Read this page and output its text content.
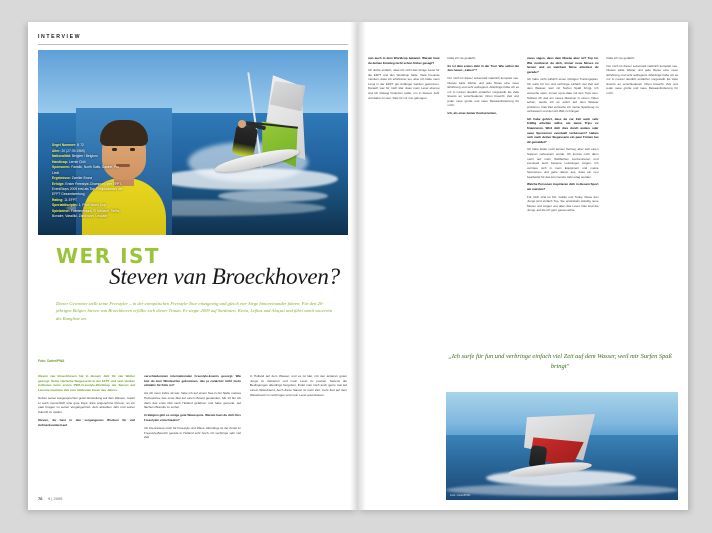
INTERVIEW
Segel Nummer: B 72
Alter: 20 (27.09.1989)
Nationalität: Belgien / Belgium
Handicap: Lernte Chili
Sponsoren: Fanatic, North Sails, Dakine, Pro Limit
Ergebnisse: Zweiter Bronz
Erfolge: Erster Freestyle-Champion, vier EFPT-EventStops 2009 erst als Top-Fünfplatzierter der EFPT Gesamtwertung
Rating: 11 EFPT
Spezialdisziplin: 1. PWA World Cup
Spielwiese: Fuerteventura, El Medano, Tarifa, Bonaire, Vassiliki, Zandvoort, Leucate
WER IST
Steven van Broeckhoven?
Dieser Gewinner stellt seine Freestyler – in der europäischen Freestyle-Tour einzigartig und gleich vier Siege hintereinander fuhren. Für den 20-jährigen Belgier Steven van Broeckhoven erfüllte sich dieser Traum. Er siegte 2009 auf Sardinien, Kreta, Lefkas und Alaçati und führt somit souverän die Rangliste an.
Foto: Carter/PWA

Steven van Broeckhoven hat in diesem Jahr für vier Wetter gesorgt. Seine vierfache Siegesserie in der EFPT und sein starkes Auftreten beim ersten PWA-Freestyle-Worldcup der Saison auf Leucate machten ihm zum heißesten Eisen des Jahres.

Neben seiner ausgesprochen guten Einstellung auf dem Wasser, macht er auch menschlich eine gute Figur. Eine angenehme Person, an ein paar Fragen zu seiner Vergangenheit, dem aktuellen Jahr und seiner Zukunft zu stellen.

Steven, du hast in den vergangenen Wochen für viel Aufmerksamkeit auf

verschiedensten internationalen Freestyle-Events gesorgt. Wie bist du zum Windsurfen gekommen, das ja zunächst nicht mehr attraktiv für Kids ist?

Als ich neun Jahre alt war, habe ich auf einem See in der Nähe meines Heimatortes das erste Mal auf einem Board gestanden. Mit 13 bin ich dann das erste Mal nach Holland gefahren und habe gemerkt, auf flachem Brandis zu surfen.

In Belgien gibt es einige gute Wavespots. Warum hast du dich fürs Freestylen entschieden?

Ich interessiere mich für Freestyle und Wave. Allerdings ist der Anteil im Freestyle-Bereich gerade in Holland sehr hoch, ich verbringe sehr viel Zeit

in Holland auf dem Wasser, und es ist klar, mit den anderen guten Jungs zu trainieren und mein Level zu pushen. Seitens die Bedingungen allerdings hergeben, findet man mich auch gerne mal auf einem Wavebaord, Auch diese Saison ist mein Ziel, mehr Zeit auf dem Waveboard zu verbringen und mein Level auszubauen.

76 9 | 2009

nun auch in dem Worldcup bekannt. Warum hast du deinen Einstieg nicht schon früher gesagt?

Ich durfte einfach, dass ich nicht das übrige Level für die EFPT und den Worldcup hatte. Viele Freunde meinten, dass ich erfahrener sei, aber ich hatte mein Level in der EFPT gut Anfänger werden gewonnen. Danach war für mich klar, dass mein Level ebenso und ich bislang Finanzen sollte, um in diesem Jahr voll dabei zu sein. Dies ist mir nun gelungen.

hätte ich nie gedacht.

Es ist dein erstes Jahr in der Tour. Wie selbst die den neuen „Laben“?

Für mich ist dieser Lebensstil natürlich komplett neu. Dieses kalte Wetter und jede Reise eine neue Erfahrung und sehr aufregend. Allerdings habe ich es mir in meiner deutlich einfacher vorgestellt. Es viele Events an verschiedenen Orten braucht. Zeit und jeder neue große und neue Reiseanforderung für mich.

Ich, als einer deiner Konkurrenten,

muss sagen, dass dein Niveau aber ist? Top ist. Wie motivierst du dich, immer neue Moves zu lernen und an welchem Move arbeitest du gerade?

Ich habe nicht wirklich einen richtigen Trainingsplan. Ich surfe für fun und verbringe einfach viel Zeit auf dem Wasser, weil mir Surfen Spaß bringt. Ich versuche stets, immer up-to-date mit den Tops sein. Solltest ich das ein neues Manöver in einem Video sehen, werde ich es sofort auf dem Wasser probieren. Das Ziel versuche ich meine Spielzeug zu verbessern und den AC-Bild zu bringen.

Ich habe gehört, dass du zur Zeit auch sehr kräftig arbeiten willst, um deine Trips zu finanzieren. Wird dich dies durch andere oder neue Sponsoren eventuell verbessern? Haben sich nach deiner Siegesserie ein paar Firmen bei dir gemeldet?

Ich habe leider noch keinen Vertrag, aber sich einen Support verbessern wurde. Ich konnte mich dann mehr auf mein Weltfachen konzentrieren und eventuell auch bessere Leistungen zeigen. Ich vertraue sich in mein Equipment und meine Sponsoren und gehe davon aus, dass ein neu bearbeitet für das kommende Jahr erlag werden.

Welche Personen inspirieren dich in diesem Sport am meisten?

Für mich sind es Kiri, Gollito und Tonky. Diese drei Jungs sind einfach Top. Sie entwickeln ständig neue Moves und zeigen uns allen das Level. Das sind die Jungs, auf die ich gern genau achte.

hätte ich nie gedacht.

Für mich ist dieser Lebensstil natürlich komplett neu. Dieses kalte Wetter und jede Reise eine neue Erfahrung und sehr aufregend. Allerdings habe ich es mir in meiner deutlich einfacher vorgestellt. Es viele Events an verschiedenen Orten braucht. Zeit und jeder neue große und neue Reiseanforderung für mich.

„Ich surfe für fun und verbringe einfach viel Zeit auf dem Wasser, weil mir Surfen Spaß bringt"
Foto: Carter/PWA
